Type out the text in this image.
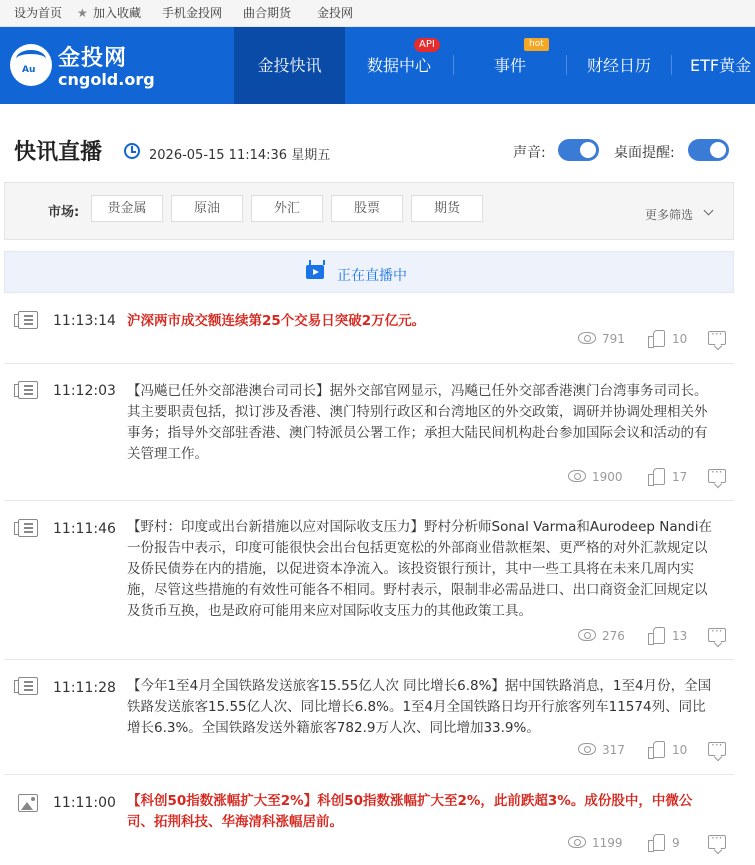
设为首页 ★ 加入收藏 手机金投网 曲合期货 金投网
Au 金投网
cngold.org
金投快讯	数据中心
API
事件
hot
财经日历	ETF黄金
快讯直播	2026-05-15 11:14:36 星期五	声音:	桌面提醒:
市场:	贵金属	原油	外汇	股票	期货	更多筛选
正在直播中
11:13:14 沪深两市成交额连续第25个交易日突破2万亿元。
791	10
···
11:12:03 【冯飚已任外交部港澳台司司长】据外交部官网显示，冯飚已任外交部香港澳门台湾事务司司长。其主要职责包括，拟订涉及香港、澳门特别行政区和台湾地区的外交政策，调研并协调处理相关外事务；指导外交部驻香港、澳门特派员公署工作；承担大陆民间机构赴台参加国际会议和活动的有关管理工作。
1900	17
···
11:11:46 【野村：印度或出台新措施以应对国际收支压力】野村分析师Sonal Varma和Aurodeep Nandi在一份报告中表示，印度可能很快会出台包括更宽松的外部商业借款框架、更严格的对外汇款规定以及侨民债券在内的措施，以促进资本净流入。该投资银行预计，其中一些工具将在未来几周内实施，尽管这些措施的有效性可能各不相同。野村表示，限制非必需品进口、出口商资金汇回规定以及货币互换，也是政府可能用来应对国际收支压力的其他政策工具。
276	13
···
11:11:28 【今年1至4月全国铁路发送旅客15.55亿人次 同比增长6.8%】据中国铁路消息，1至4月份，全国铁路发送旅客15.55亿人次、同比增长6.8%。1至4月全国铁路日均开行旅客列车11574列、同比增长6.3%。全国铁路发送外籍旅客782.9万人次、同比增加33.9%。
317	10
···
11:11:00 【科创50指数涨幅扩大至2%】科创50指数涨幅扩大至2%，此前跌超3%。成份股中，中微公司、拓荆科技、华海清科涨幅居前。
1199	9
···
